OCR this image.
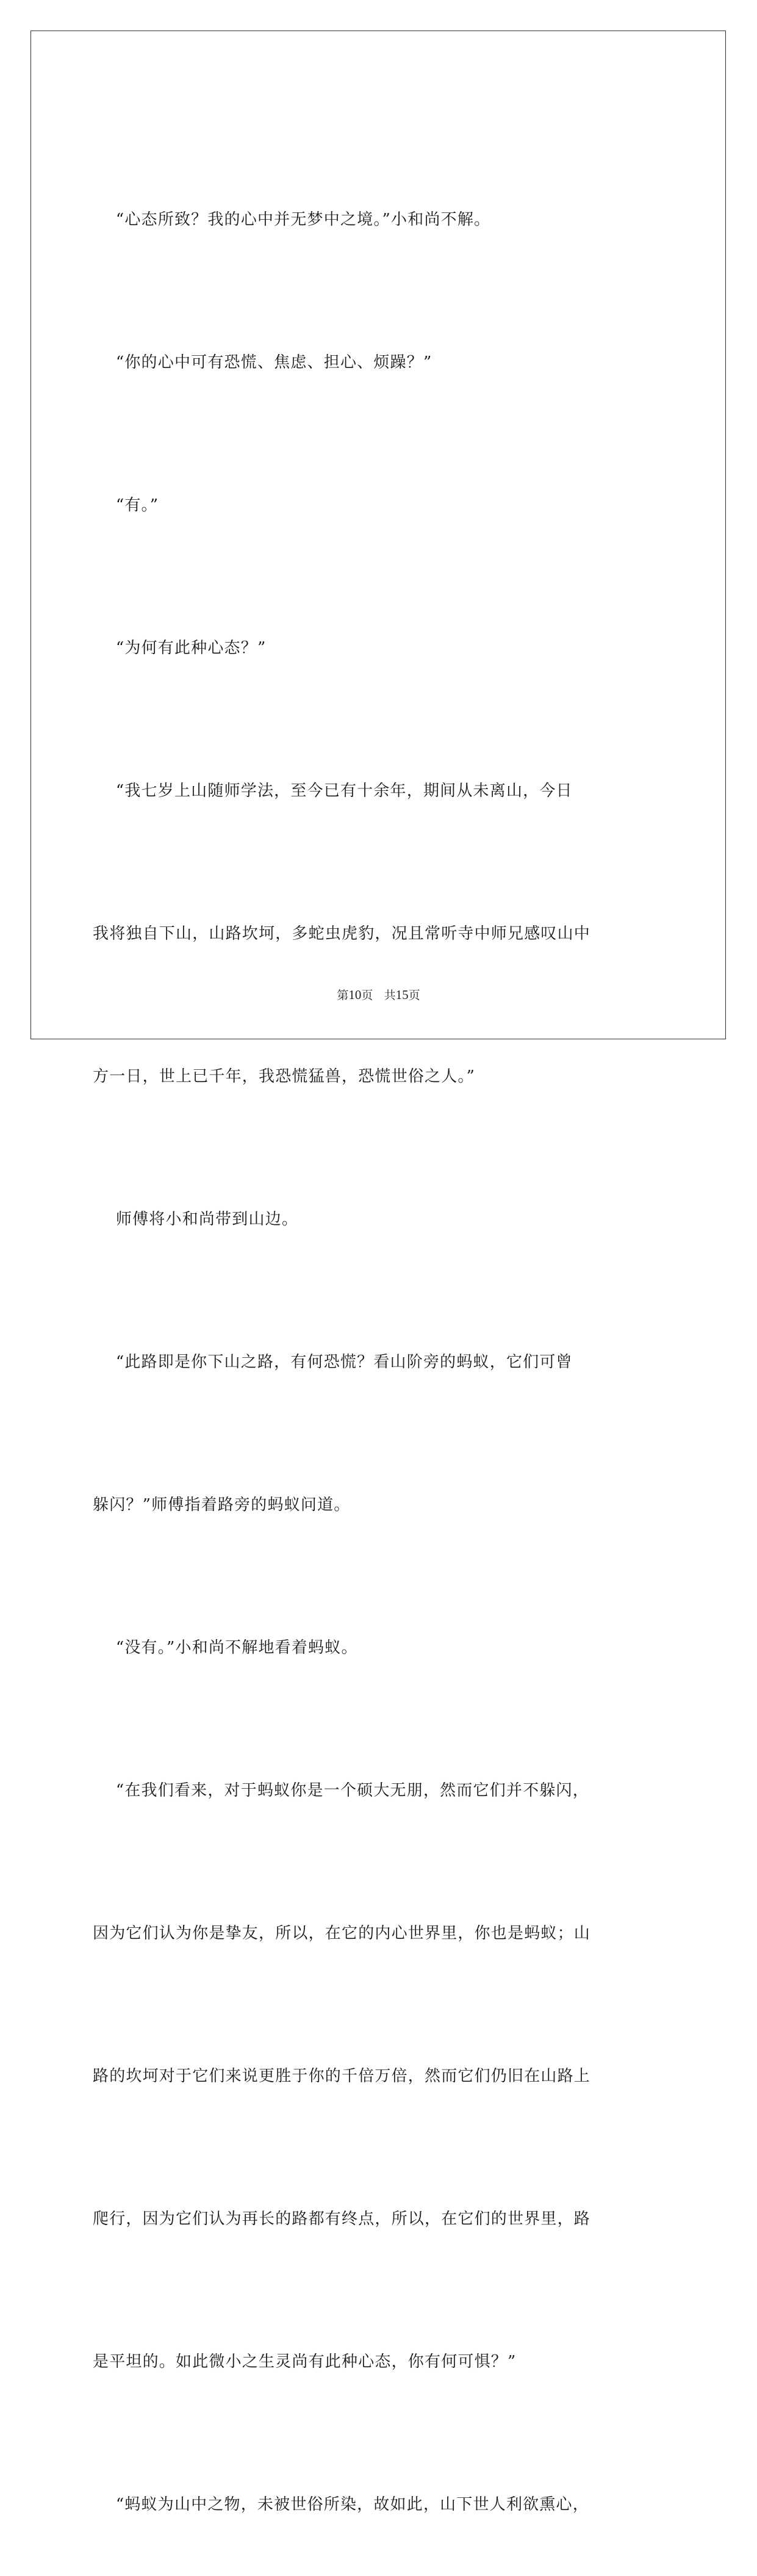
“心态所致？我的心中并无梦中之境。”小和尚不解。

“你的心中可有恐慌、焦虑、担心、烦躁？”

“有。”

“为何有此种心态？”

“我七岁上山随师学法，至今已有十余年，期间从未离山，今日

我将独自下山，山路坎坷，多蛇虫虎豹，况且常听寺中师兄感叹山中

方一日，世上已千年，我恐慌猛兽，恐慌世俗之人。”

师傅将小和尚带到山边。

“此路即是你下山之路，有何恐慌？看山阶旁的蚂蚁，它们可曾

躲闪？”师傅指着路旁的蚂蚁问道。

“没有。”小和尚不解地看着蚂蚁。

“在我们看来，对于蚂蚁你是一个硕大无朋，然而它们并不躲闪，

因为它们认为你是挚友，所以，在它的内心世界里，你也是蚂蚁；山

路的坎坷对于它们来说更胜于你的千倍万倍，然而它们仍旧在山路上

爬行，因为它们认为再长的路都有终点，所以，在它们的世界里，路

是平坦的。如此微小之生灵尚有此种心态，你有何可惧？”

“蚂蚁为山中之物，未被世俗所染，故如此，山下世人利欲熏心，

第10页 共15页
